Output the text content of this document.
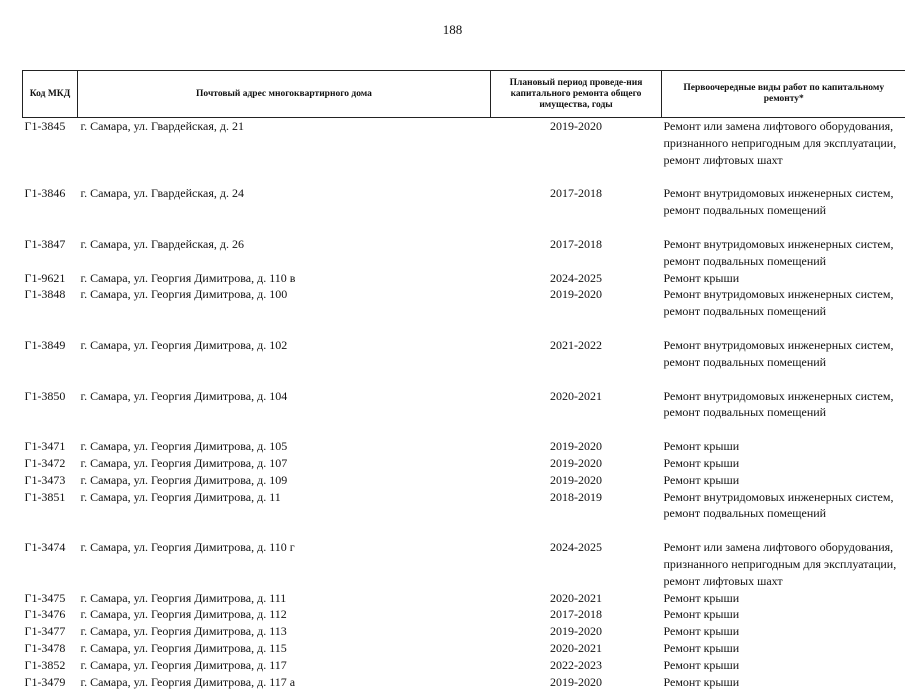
188
Код МКД	Почтовый адрес многоквартирного дома	Плановый период проведе-ния капитального ремонта общего имущества, годы	Первоочередные виды работ по капитальному ремонту*
Г1-3845	г. Самара, ул. Гвардейская, д. 21	2019-2020	Ремонт или замена лифтового оборудования,
признанного непригодным для эксплуатации,
ремонт лифтовых шахт

Г1-3846	г. Самара, ул. Гвардейская, д. 24	2017-2018	Ремонт внутридомовых инженерных систем,
ремонт подвальных помещений

Г1-3847	г. Самара, ул. Гвардейская, д. 26	2017-2018	Ремонт внутридомовых инженерных систем,
ремонт подвальных помещений

Г1-9621	г. Самара, ул. Георгия Димитрова, д. 110 в	2024-2025	Ремонт крыши

Г1-3848	г. Самара, ул. Георгия Димитрова, д. 100	2019-2020	Ремонт внутридомовых инженерных систем,
ремонт подвальных помещений

Г1-3849	г. Самара, ул. Георгия Димитрова, д. 102	2021-2022	Ремонт внутридомовых инженерных систем,
ремонт подвальных помещений

Г1-3850	г. Самара, ул. Георгия Димитрова, д. 104	2020-2021	Ремонт внутридомовых инженерных систем,
ремонт подвальных помещений

Г1-3471	г. Самара, ул. Георгия Димитрова, д. 105	2019-2020	Ремонт крыши

Г1-3472	г. Самара, ул. Георгия Димитрова, д. 107	2019-2020	Ремонт крыши

Г1-3473	г. Самара, ул. Георгия Димитрова, д. 109	2019-2020	Ремонт крыши

Г1-3851	г. Самара, ул. Георгия Димитрова, д. 11	2018-2019	Ремонт внутридомовых инженерных систем,
ремонт подвальных помещений

Г1-3474	г. Самара, ул. Георгия Димитрова, д. 110 г	2024-2025	Ремонт или замена лифтового оборудования,
признанного непригодным для эксплуатации,
ремонт лифтовых шахт

Г1-3475	г. Самара, ул. Георгия Димитрова, д. 111	2020-2021	Ремонт крыши

Г1-3476	г. Самара, ул. Георгия Димитрова, д. 112	2017-2018	Ремонт крыши

Г1-3477	г. Самара, ул. Георгия Димитрова, д. 113	2019-2020	Ремонт крыши

Г1-3478	г. Самара, ул. Георгия Димитрова, д. 115	2020-2021	Ремонт крыши

Г1-3852	г. Самара, ул. Георгия Димитрова, д. 117	2022-2023	Ремонт крыши

Г1-3479	г. Самара, ул. Георгия Димитрова, д. 117 а	2019-2020	Ремонт крыши
